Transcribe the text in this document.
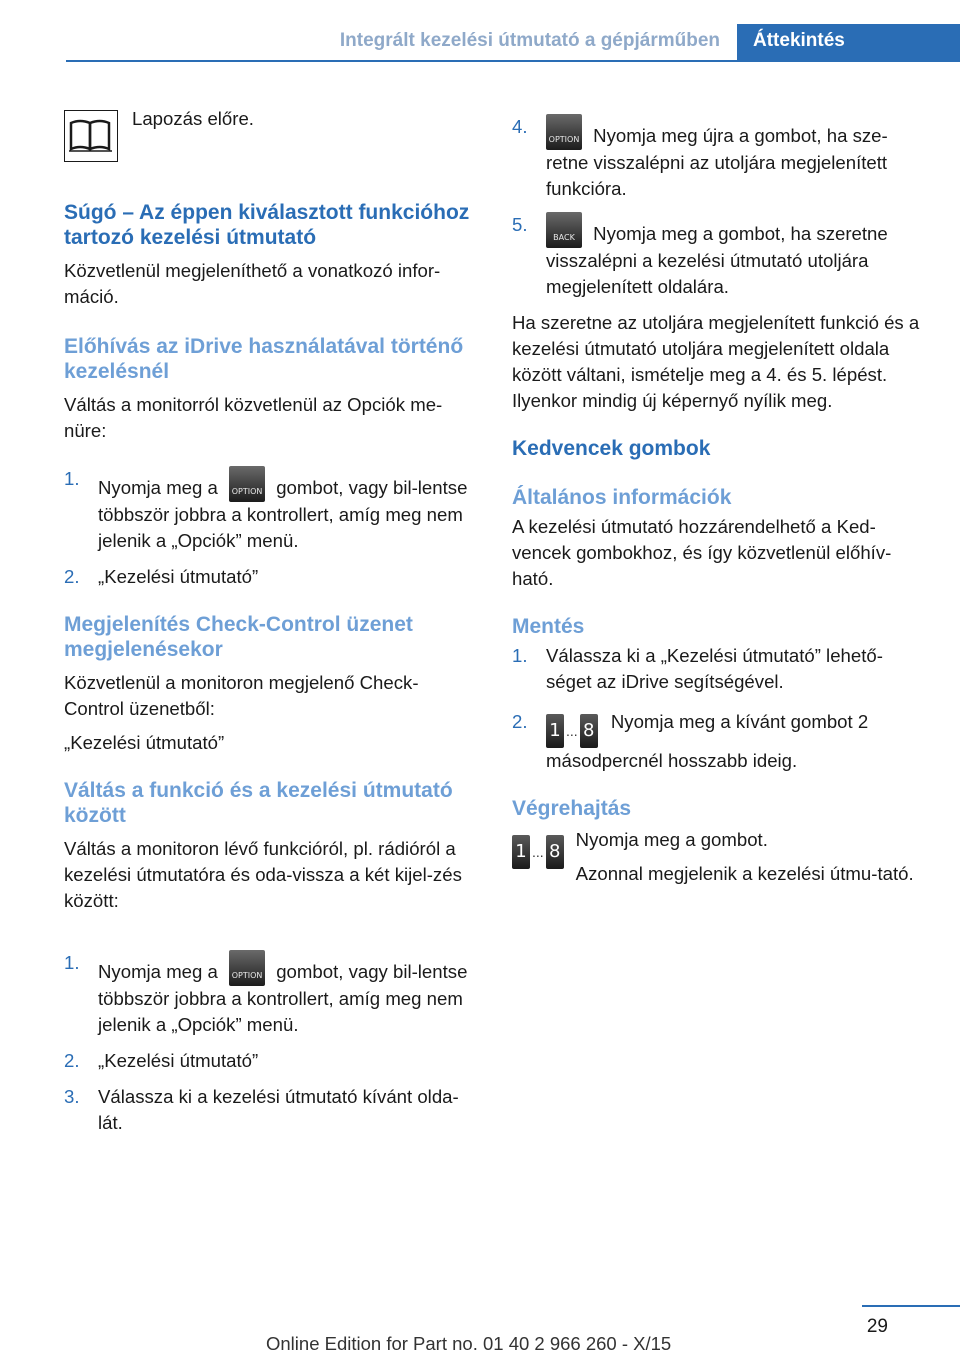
Integrált kezelési útmutató a gépjárműben	Áttekintés

Lapozás előre.

Súgó – Az éppen kiválasztott funkcióhoz tartozó kezelési útmutató

Közvetlenül megjeleníthető a vonatkozó infor‐máció.

Előhívás az iDrive használatával történő kezelésnél

Váltás a monitorról közvetlenül az Opciók me‐nüre:

1. Nyomja meg a	OPTION gombot, vagy bil‐lentse többször jobbra a kontrollert, amíg meg nem jelenik a „Opciók” menü.
2. „Kezelési útmutató”
Megjelenítés Check-Control üzenet megjelenésekor

Közvetlenül a monitoron megjelenő Check-Control üzenetből:

„Kezelési útmutató”

Váltás a funkció és a kezelési útmutató között

Váltás a monitoron lévő funkcióról, pl. rádióról a kezelési útmutatóra és oda-vissza a két kijel‐zés között:

1. Nyomja meg a	OPTION gombot, vagy bil‐lentse többször jobbra a kontrollert, amíg meg nem jelenik a „Opciók” menü.
2. „Kezelési útmutató”
3. Válassza ki a kezelési útmutató kívánt olda‐lát.
4.
OPTION Nyomja meg újra a gombot, ha sze‐retne visszalépni az utoljára megjelenített funkcióra.
5.
BACK Nyomja meg a gombot, ha szeretne visszalépni a kezelési útmutató utoljára megjelenített oldalára.

Ha szeretne az utoljára megjelenített funkció és a kezelési útmutató utoljára megjelenített oldala között váltani, ismételje meg a 4. és 5. lépést. Ilyenkor mindig új képernyő nyílik meg.

Kedvencek gombok
Általános információk

A kezelési útmutató hozzárendelhető a Ked‐vencek gombokhoz, és így közvetlenül előhív‐ható.

Mentés
1. Válassza ki a „Kezelési útmutató” lehető‐séget az iDrive segítségével.
2. 1 ... 8 Nyomja meg a kívánt gombot 2 másodpercnél hosszabb ideig.
Végrehajtás
1 ... 8

Nyomja meg a gombot.

Azonnal megjelenik a kezelési útmu‐tató.

29
Online Edition for Part no. 01 40 2 966 260 - X/15
